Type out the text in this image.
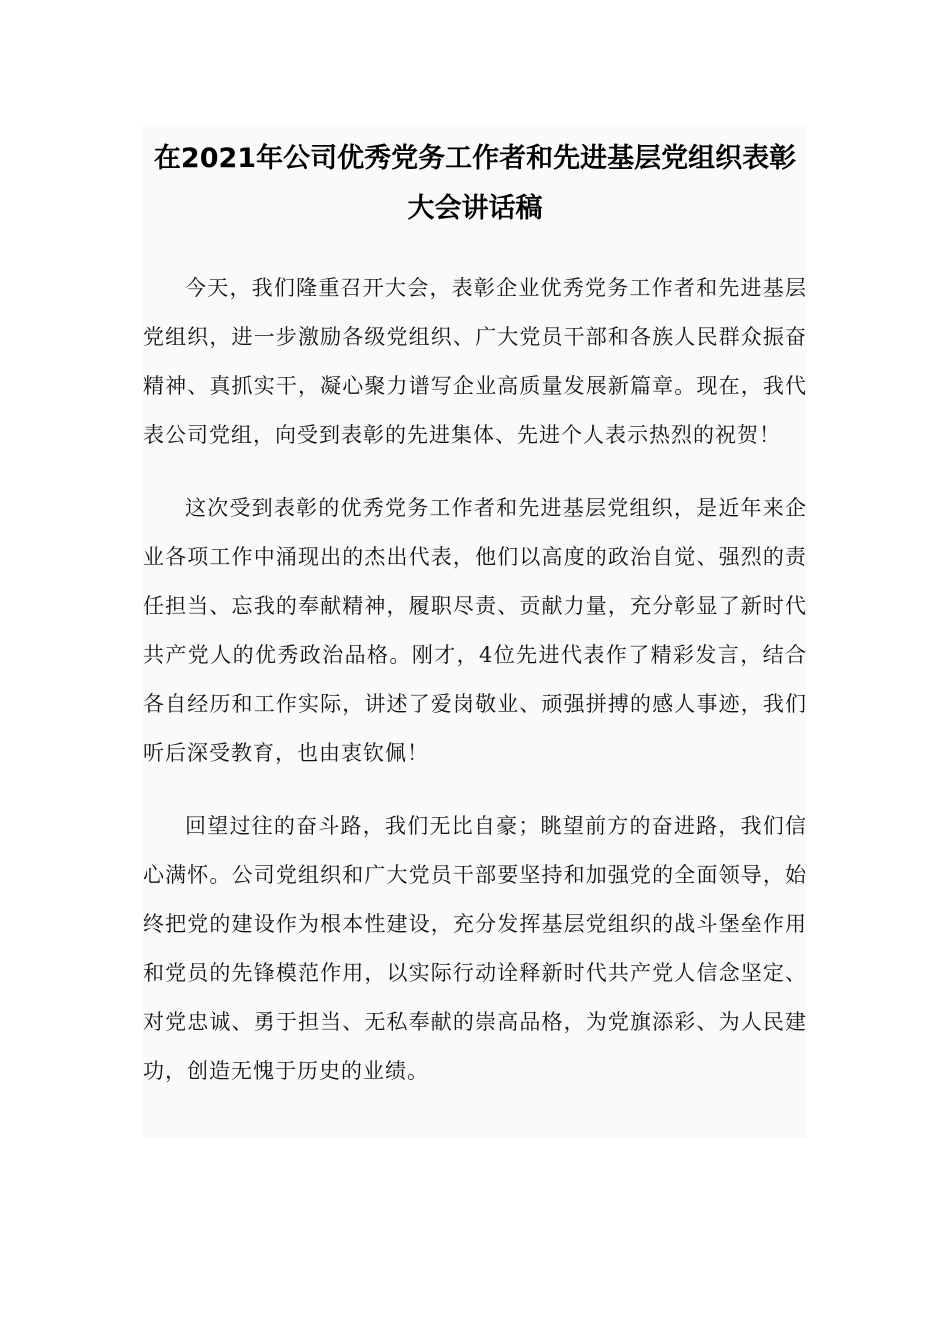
在2021年公司优秀党务工作者和先进基层党组织表彰大会讲话稿

今天，我们隆重召开大会，表彰企业优秀党务工作者和先进基层党组织，进一步激励各级党组织、广大党员干部和各族人民群众振奋精神、真抓实干，凝心聚力谱写企业高质量发展新篇章。现在，我代表公司党组，向受到表彰的先进集体、先进个人表示热烈的祝贺！

这次受到表彰的优秀党务工作者和先进基层党组织，是近年来企业各项工作中涌现出的杰出代表，他们以高度的政治自觉、强烈的责任担当、忘我的奉献精神，履职尽责、贡献力量，充分彰显了新时代共产党人的优秀政治品格。刚才，4位先进代表作了精彩发言，结合各自经历和工作实际，讲述了爱岗敬业、顽强拼搏的感人事迹，我们听后深受教育，也由衷钦佩！

回望过往的奋斗路，我们无比自豪；眺望前方的奋进路，我们信心满怀。公司党组织和广大党员干部要坚持和加强党的全面领导，始终把党的建设作为根本性建设，充分发挥基层党组织的战斗堡垒作用和党员的先锋模范作用，以实际行动诠释新时代共产党人信念坚定、对党忠诚、勇于担当、无私奉献的崇高品格，为党旗添彩、为人民建功，创造无愧于历史的业绩。
